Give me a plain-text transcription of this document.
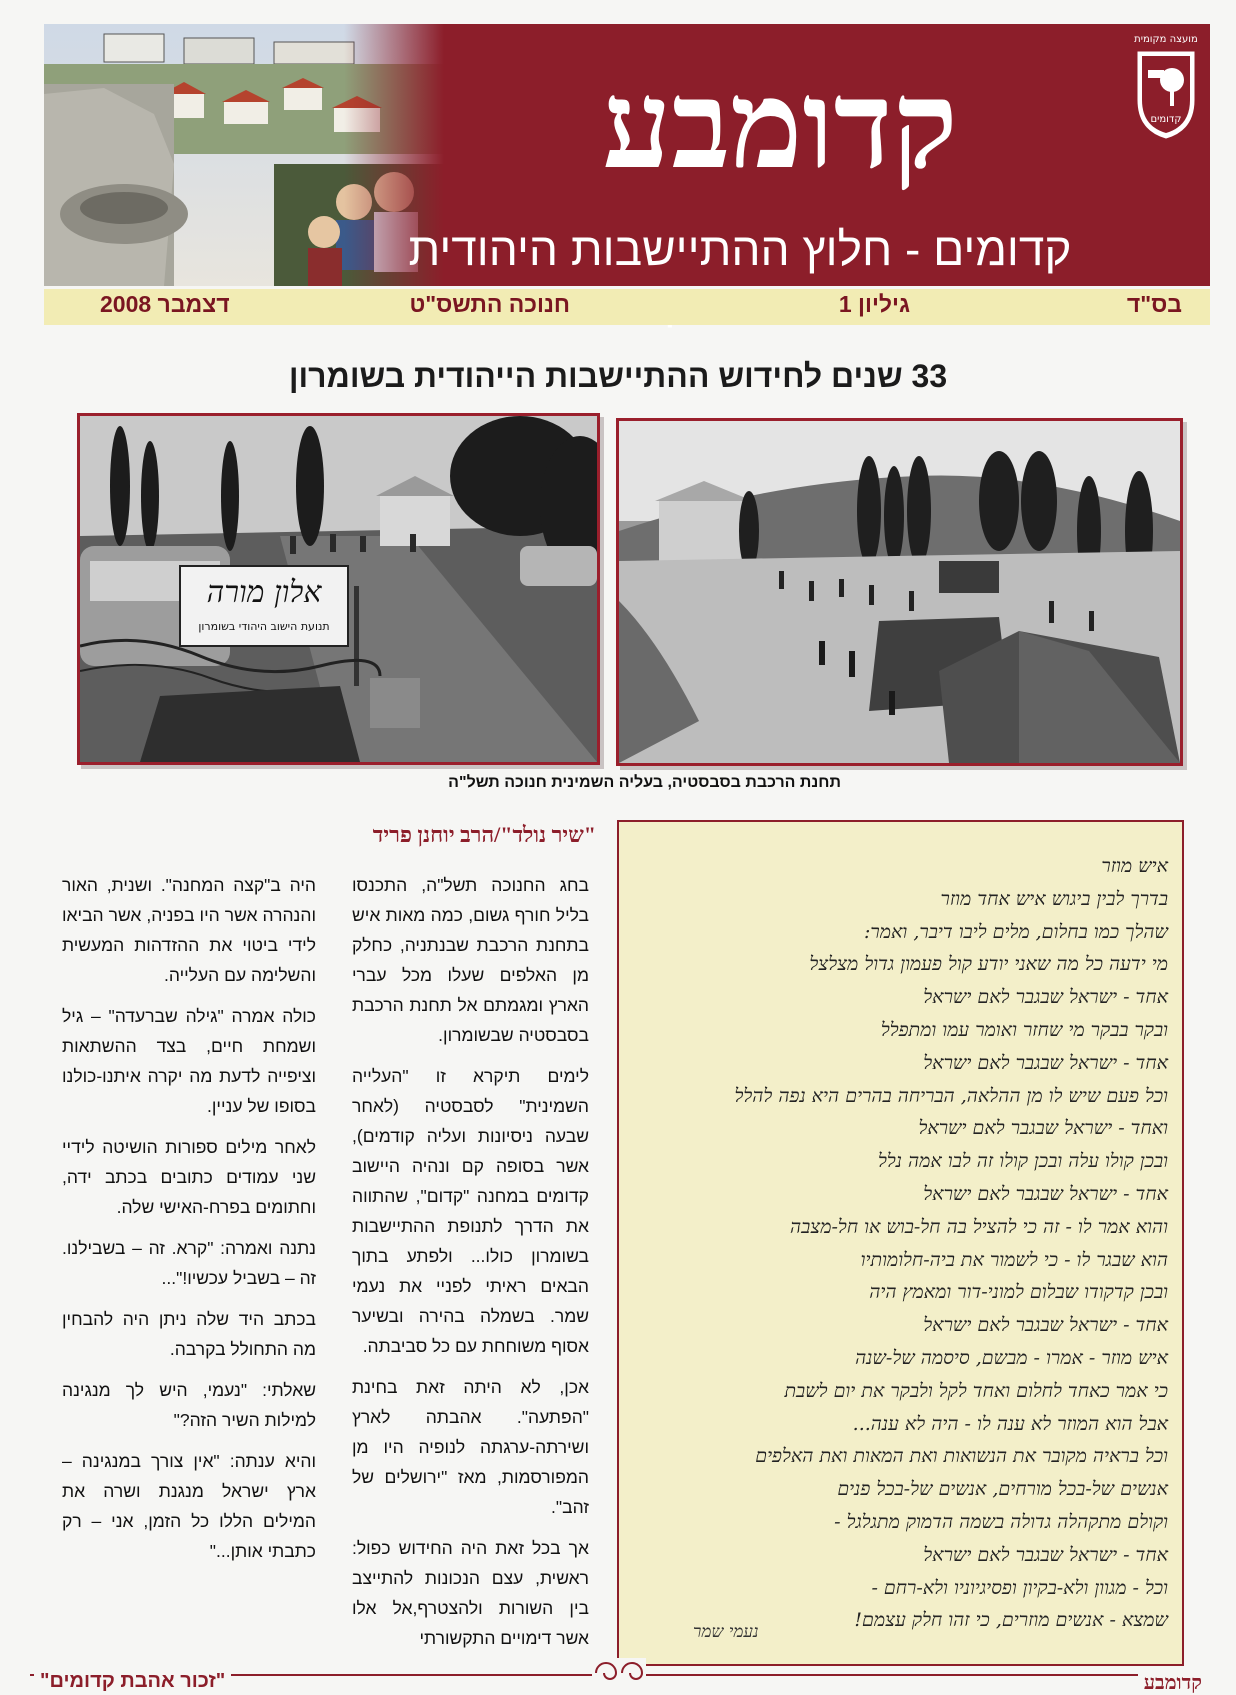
קדומבע
קדומים - חלוץ ההתיישבות היהודית
מועצה מקומית
קדומים
בס"ד
גיליון 1
חנוכה התשס"ט
דצמבר 2008
33 שנים לחידוש ההתיישבות הייהודית בשומרון
אלון מורה
תנועת הישוב היהודי בשומרון
תחנת הרכבת בסבסטיה, בעליה השמינית חנוכה תשל"ה
"שיר נולד"/הרב יוחנן פריד

בחג החנוכה תשל"ה, התכנסו בליל חורף גשום, כמה מאות איש בתחנת הרכבת שבנתניה, כחלק מן האלפים שעלו מכל עברי הארץ ומגמתם אל תחנת הרכבת בסבסטיה שבשומרון.

לימים תיקרא זו "העלייה השמינית" לסבסטיה (לאחר שבעה ניסיונות ועליה קודמים), אשר בסופה קם ונהיה היישוב קדומים במחנה "קדום", שהתווה את הדרך לתנופת ההתיישבות בשומרון כולו... ולפתע בתוך הבאים ראיתי לפניי את נעמי שמר. בשמלה בהירה ובשיער אסוף משוחחת עם כל סביבתה.

אכן, לא היתה זאת בחינת "הפתעה". אהבתה לארץ ושירתה-ערגתה לנופיה היו מן המפורסמות, מאז "ירושלים של זהב".

אך בכל זאת היה החידוש כפול: ראשית, עצם הנכונות להתייצב בין השורות ולהצטרף,אל אלו אשר דימויים התקשורתי

היה ב"קצה המחנה". ושנית, האור והנהרה אשר היו בפניה, אשר הביאו לידי ביטוי את ההזדהות המעשית והשלימה עם העלייה.

כולה אמרה "גילה שברעדה" – גיל ושמחת חיים, בצד ההשתאות וציפייה לדעת מה יקרה איתנו-כולנו בסופו של עניין.

לאחר מילים ספורות הושיטה לידיי שני עמודים כתובים בכתב ידה, וחתומים בפרח-האישי שלה.

נתנה ואמרה: "קרא. זה – בשבילנו. זה – בשביל עכשיו!"...

בכתב היד שלה ניתן היה להבחין מה התחולל בקרבה.

שאלתי: "נעמי, היש לך מנגינה למילות השיר הזה?"

והיא ענתה: "אין צורך במנגינה – ארץ ישראל מנגנת ושרה את המילים הללו כל הזמן, אני – רק כתבתי אותן..."

איש מוזר
בדרך לבין ביגוש איש אחד מוזר
שהלך כמו בחלום, מלים ליבו דיבר, ואמר:
מי ידעה כל מה שאני יודע קול פעמון גדול מצלצל
אחד - ישראל שבגבר לאם ישראל
ובקר בבקר מי שחזר ואומר עמו ומתפלל
אחד - ישראל שבגבר לאם ישראל
וכל פעם שיש לו מן ההלאה, הבריחה בהרים היא נפה להלל
ואחד - ישראל שבגבר לאם ישראל
ובכן קולו עלה ובכן קולו זה לבו אמה נלל
אחד - ישראל שבגבר לאם ישראל
והוא אמר לו - זה כי להציל בה חל-בוש או חל-מצבה
הוא שבגר לו - כי לשמור את ביה-חלומותיו
ובכן קדקודו שבלום למוני-דור ומאמץ היה
אחד - ישראל שבגבר לאם ישראל
איש מוזר - אמרו - מבשם, סיסמה של-שנה
כי אמר כאחד לחלום ואחד לקל ולבקר את יום לשבת
אבל הוא המוזר לא ענה לו - היה לא ענה...
וכל בראיה מקובר את הנשואות ואת המאות ואת האלפים
אנשים של-בכל מורחים, אנשים של-בכל פנים
וקולם מתקהלה גדולה בשמה הדמוק מתגלגל -
אחד - ישראל שבגבר לאם ישראל
וכל - מגוון ולא-בקיון ופסיגיוניו ולא-רחם -
שמצא - אנשים מוזרים, כי זהו חלק עצמם!
נעמי שמר
"זכור אהבת קדומים"	קדומבע
